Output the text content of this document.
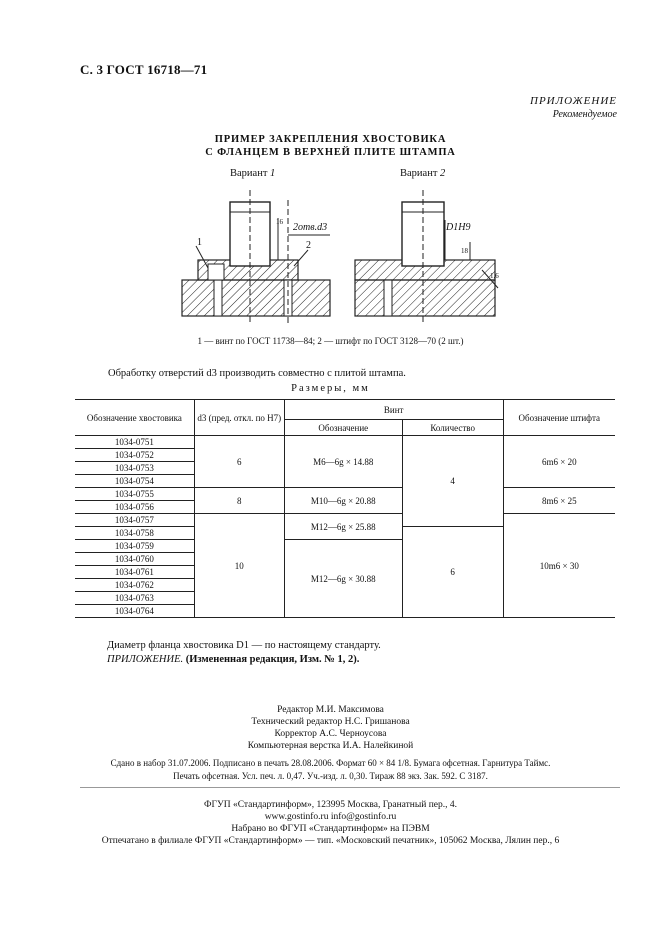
С. 3 ГОСТ 16718—71
ПРИЛОЖЕНИЕ
Рекомендуемое
ПРИМЕР ЗАКРЕПЛЕНИЯ ХВОСТОВИКА
С ФЛАНЦЕМ В ВЕРХНЕЙ ПЛИТЕ ШТАМПА
Вариант 1	Вариант 2
2отв.d3
1	2
D1H9
16
18
1,6
1 — винт по ГОСТ 11738—84; 2 — штифт по ГОСТ 3128—70 (2 шт.)
Обработку отверстий d3 производить совместно с плитой штампа.
Размеры, мм
Обозначение хвостовика	d3 (пред. откл. по Н7)	Винт		Обозначение штифта
		Обозначение	Количество	
1034-0751	6	М6—6g × 14.88	4	6m6 × 20
1034-0752				
1034-0753				
1034-0754				
1034-0755	8	М10—6g × 20.88		8m6 × 25
1034-0756				
1034-0757	10	М12—6g × 25.88		10m6 × 30
1034-0758			6	
1034-0759		М12—6g × 30.88		
1034-0760				
1034-0761				
1034-0762				
1034-0763				
1034-0764				
Диаметр фланца хвостовика D1 — по настоящему стандарту.
ПРИЛОЖЕНИЕ. (Измененная редакция, Изм. № 1, 2).
Редактор М.И. Максимова
Технический редактор Н.С. Гришанова
Корректор А.С. Черноусова
Компьютерная верстка И.А. Налейкиной
Сдано в набор 31.07.2006. Подписано в печать 28.08.2006. Формат 60 × 84 1/8. Бумага офсетная. Гарнитура Таймс.
Печать офсетная. Усл. печ. л. 0,47. Уч.-изд. л. 0,30. Тираж 88 экз. Зак. 592. С 3187.
ФГУП «Стандартинформ», 123995 Москва, Гранатный пер., 4.
www.gostinfo.ru info@gostinfo.ru
Набрано во ФГУП «Стандартинформ» на ПЭВМ
Отпечатано в филиале ФГУП «Стандартинформ» — тип. «Московский печатник», 105062 Москва, Лялин пер., 6
